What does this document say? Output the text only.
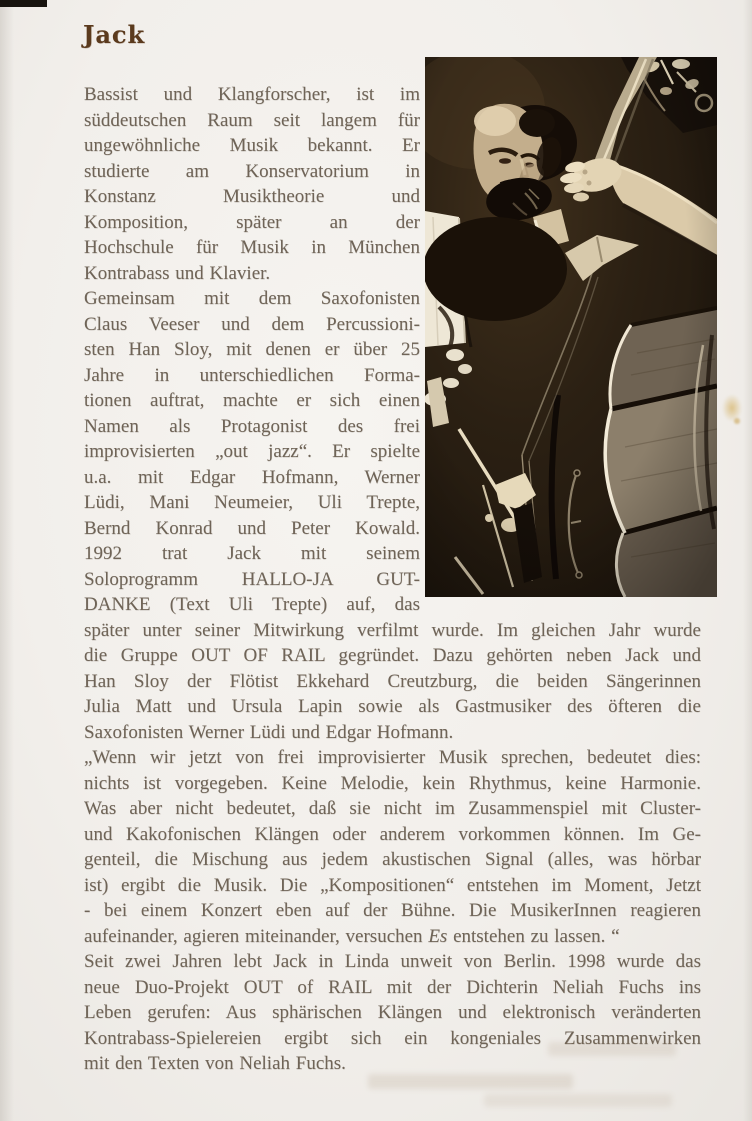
Jack
Bassist und Klangforscher, ist im
süddeutschen Raum seit langem für
ungewöhnliche Musik bekannt. Er
studierte am Konservatorium in
Konstanz Musiktheorie und
Komposition, später an der
Hochschule für Musik in München
Kontrabass und Klavier.
Gemeinsam mit dem Saxofonisten
Claus Veeser und dem Percussioni-
sten Han Sloy, mit denen er über 25
Jahre in unterschiedlichen Forma-
tionen auftrat, machte er sich einen
Namen als Protagonist des frei
improvisierten „out jazz“. Er spielte
u.a. mit Edgar Hofmann, Werner
Lüdi, Mani Neumeier, Uli Trepte,
Bernd Konrad und Peter Kowald.
1992 trat Jack mit seinem
Soloprogramm HALLO-JA GUT-
DANKE (Text Uli Trepte) auf, das
später unter seiner Mitwirkung verfilmt wurde. Im gleichen Jahr wurde
die Gruppe OUT OF RAIL gegründet. Dazu gehörten neben Jack und
Han Sloy der Flötist Ekkehard Creutzburg, die beiden Sängerinnen
Julia Matt und Ursula Lapin sowie als Gastmusiker des öfteren die
Saxofonisten Werner Lüdi und Edgar Hofmann.
„Wenn wir jetzt von frei improvisierter Musik sprechen, bedeutet dies:
nichts ist vorgegeben. Keine Melodie, kein Rhythmus, keine Harmonie.
Was aber nicht bedeutet, daß sie nicht im Zusammenspiel mit Cluster-
und Kakofonischen Klängen oder anderem vorkommen können. Im Ge-
genteil, die Mischung aus jedem akustischen Signal (alles, was hörbar
ist) ergibt die Musik. Die „Kompositionen“ entstehen im Moment, Jetzt
- bei einem Konzert eben auf der Bühne. Die MusikerInnen reagieren
aufeinander, agieren miteinander, versuchen Es entstehen zu lassen. “
Seit zwei Jahren lebt Jack in Linda unweit von Berlin. 1998 wurde das
neue Duo-Projekt OUT of RAIL mit der Dichterin Neliah Fuchs ins
Leben gerufen: Aus sphärischen Klängen und elektronisch veränderten
Kontrabass-Spielereien ergibt sich ein kongeniales Zusammenwirken
mit den Texten von Neliah Fuchs.
